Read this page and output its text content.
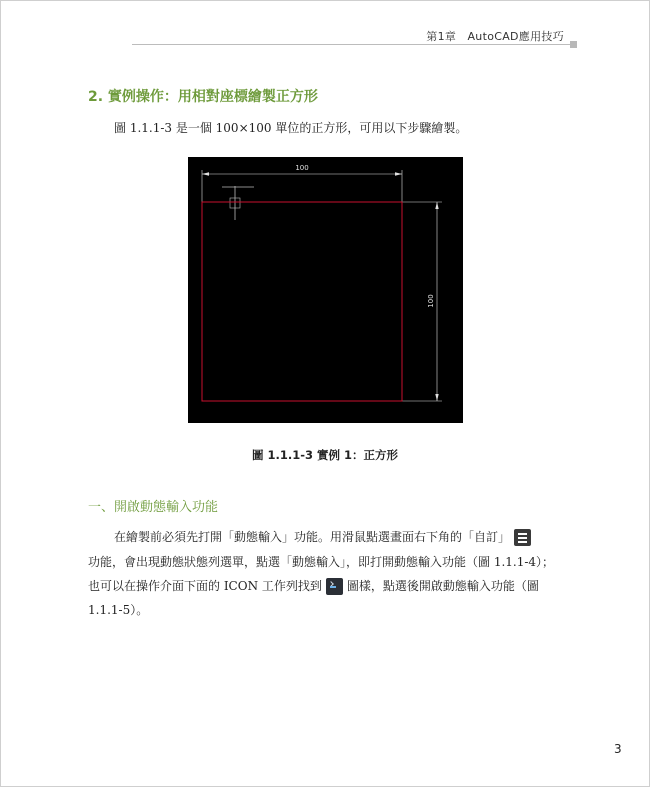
第1章　AutoCAD應用技巧
2. 實例操作：用相對座標繪製正方形
圖 1.1.1-3 是一個 100×100 單位的正方形，可用以下步驟繪製。
100
100
圖 1.1.1-3 實例 1：正方形
一、開啟動態輸入功能
在繪製前必須先打開「動態輸入」功能。用滑鼠點選畫面右下角的「自訂」
功能，會出現動態狀態列選單，點選「動態輸入」，即打開動態輸入功能（圖 1.1.1-4）；
也可以在操作介面下面的 ICON 工作列找到 圖樣，點選後開啟動態輸入功能（圖
1.1.1-5）。
3
